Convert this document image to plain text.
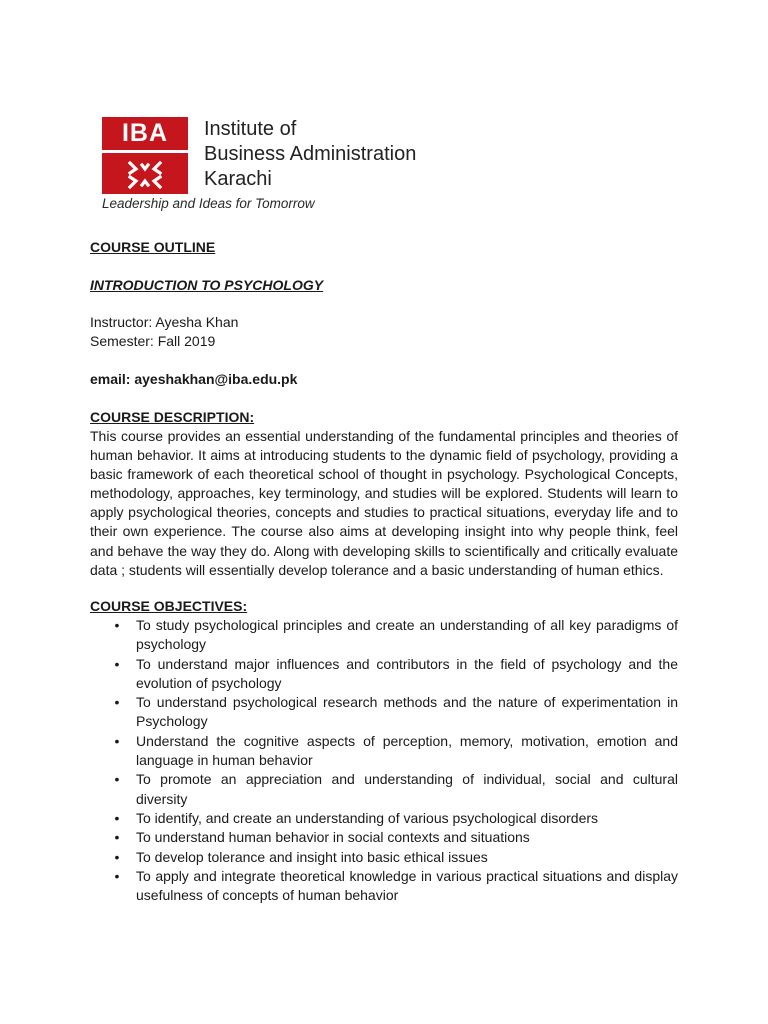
IBA	Institute of
Business Administration
Karachi
Leadership and Ideas for Tomorrow
COURSE OUTLINE
INTRODUCTION TO PSYCHOLOGY
Instructor: Ayesha Khan
Semester: Fall 2019
email: ayeshakhan@iba.edu.pk
COURSE DESCRIPTION:
This course provides an essential understanding of the fundamental principles and theories of human behavior. It aims at introducing students to the dynamic field of psychology, providing a basic framework of each theoretical school of thought in psychology. Psychological Concepts, methodology, approaches, key terminology, and studies will be explored. Students will learn to apply psychological theories, concepts and studies to practical situations, everyday life and to their own experience. The course also aims at developing insight into why people think, feel and behave the way they do. Along with developing skills to scientifically and critically evaluate data ; students will essentially develop tolerance and a basic understanding of human ethics.
COURSE OBJECTIVES:
• To study psychological principles and create an understanding of all key paradigms of psychology
• To understand major influences and contributors in the field of psychology and the evolution of psychology
• To understand psychological research methods and the nature of experimentation in Psychology
• Understand the cognitive aspects of perception, memory, motivation, emotion and language in human behavior
• To promote an appreciation and understanding of individual, social and cultural diversity
• To identify, and create an understanding of various psychological disorders
• To understand human behavior in social contexts and situations
• To develop tolerance and insight into basic ethical issues
• To apply and integrate theoretical knowledge in various practical situations and display usefulness of concepts of human behavior
